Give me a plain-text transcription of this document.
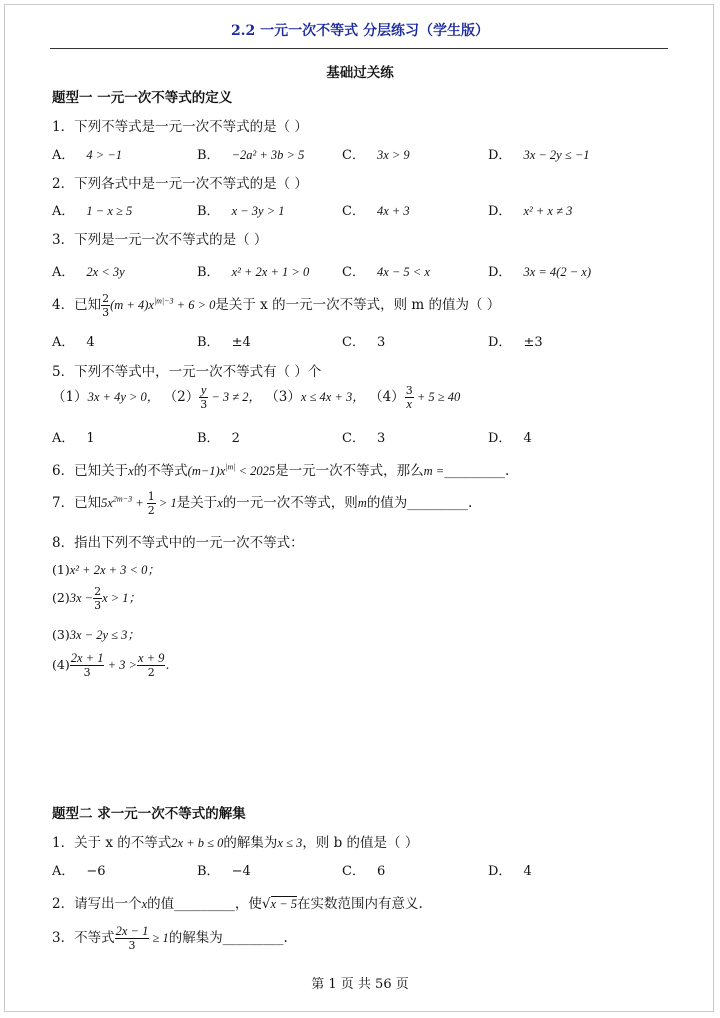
2.2 一元一次不等式 分层练习（学生版）
基础过关练
题型一 一元一次不等式的定义
1．下列不等式是一元一次不等式的是（ ）
A． 4 > −1	B． −2a² + 3b > 5	C． 3x > 9	D． 3x − 2y ≤ −1
2．下列各式中是一元一次不等式的是（ ）
A． 1 − x ≥ 5	B． x − 3y > 1	C． 4x + 3	D． x² + x ≠ 3
3．下列是一元一次不等式的是（ ）
A． 2x < 3y	B． x² + 2x + 1 > 0	C． 4x − 5 < x	D． 3x = 4(2 − x)
4．已知 $\frac{2}{3} (m + 4)x^{|m|-3} + 6 > 0$是关于 x 的一元一次不等式，则 m 的值为（ ）
A． 4	B． ±4	C． 3	D． ±3
5．下列不等式中，一元一次不等式有（ ）个
（1）3x + 4y > 0， $(2) \frac{y}{3} - 3 \ne 2$， （3）x ≤ 4x + 3， $(4) \frac{3}{x} + 5 \ge 40$
A． 1	B． 2	C． 3	D． 4
6．已知关于x的不等式$(m-1)x^{|m|} < 2025$是一元一次不等式，那么m =_________.
7．已知$5x^{2m-3} + \frac{1}{2} > 1$是关于x的一元一次不等式，则m的值为_________.
8．指出下列不等式中的一元一次不等式：
(1)x² + 2x + 3 < 0；
$(2)3x - \frac{2}{3}$ x > 1；
(3)3x − 2y ≤ 3；
$(4) \frac{2x + 1}{3} + 3 > \frac{x + 9}{2}$ .
题型二 求一元一次不等式的解集
1．关于 x 的不等式2x + b ≤ 0的解集为x ≤ 3，则 b 的值是（ ）
A． −6	B． −4	C． 6	D． 4
2．请写出一个x的值_________，使√x − 5在实数范围内有意义.
3．不等式 $\frac{2x - 1}{3} \ge 1$的解集为_________.
第 1 页 共 56 页
